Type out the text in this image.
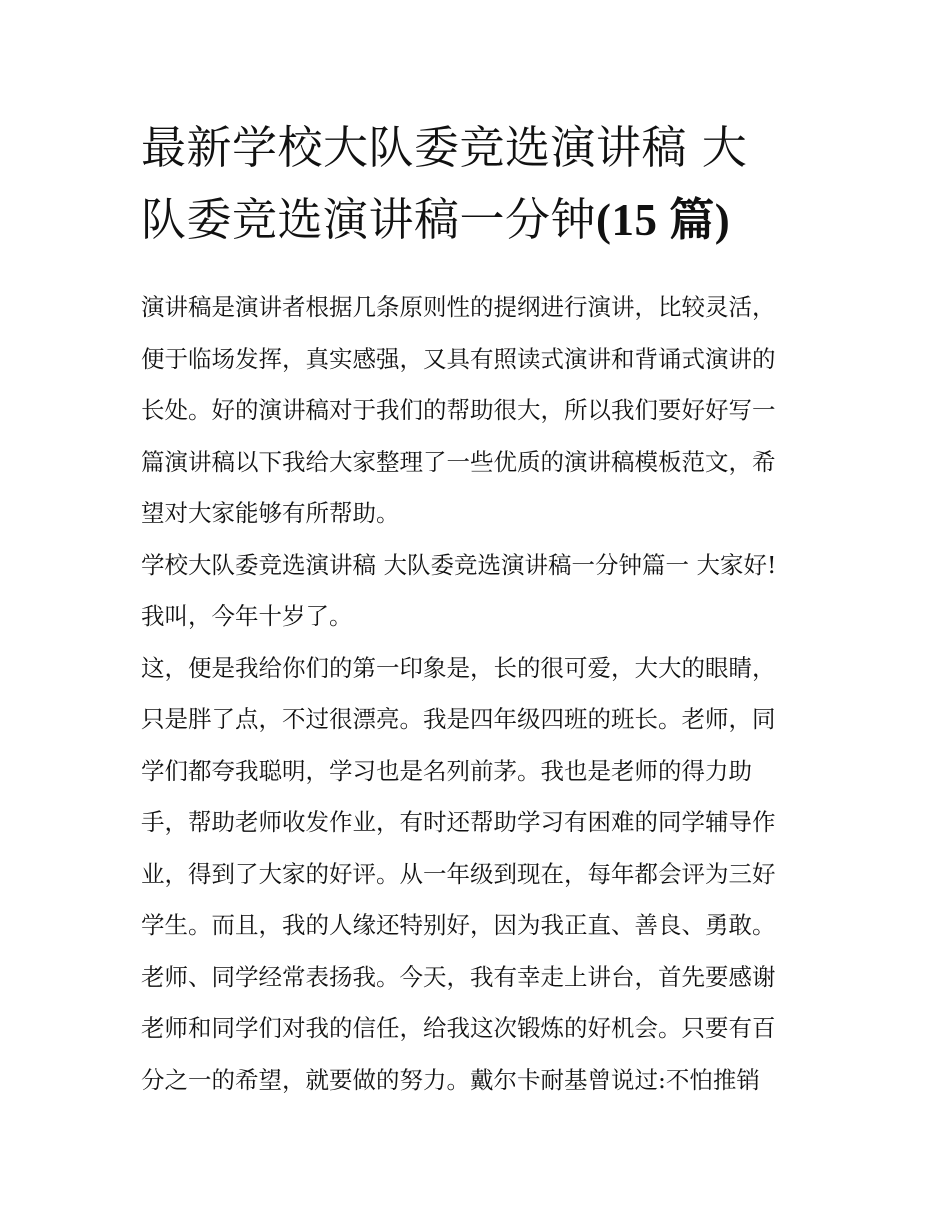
最新学校大队委竞选演讲稿 大
队委竞选演讲稿一分钟(15 篇)
演讲稿是演讲者根据几条原则性的提纲进行演讲，比较灵活，
便于临场发挥，真实感强，又具有照读式演讲和背诵式演讲的
长处。好的演讲稿对于我们的帮助很大，所以我们要好好写一
篇演讲稿以下我给大家整理了一些优质的演讲稿模板范文，希
望对大家能够有所帮助。
学校大队委竞选演讲稿 大队委竞选演讲稿一分钟篇一 大家好!
我叫，今年十岁了。
这，便是我给你们的第一印象是，长的很可爱，大大的眼睛，
只是胖了点，不过很漂亮。我是四年级四班的班长。老师，同
学们都夸我聪明，学习也是名列前茅。我也是老师的得力助
手，帮助老师收发作业，有时还帮助学习有困难的同学辅导作
业，得到了大家的好评。从一年级到现在，每年都会评为三好
学生。而且，我的人缘还特别好，因为我正直、善良、勇敢。
老师、同学经常表扬我。今天，我有幸走上讲台，首先要感谢
老师和同学们对我的信任，给我这次锻炼的好机会。只要有百
分之一的希望，就要做的努力。戴尔卡耐基曾说过:不怕推销
